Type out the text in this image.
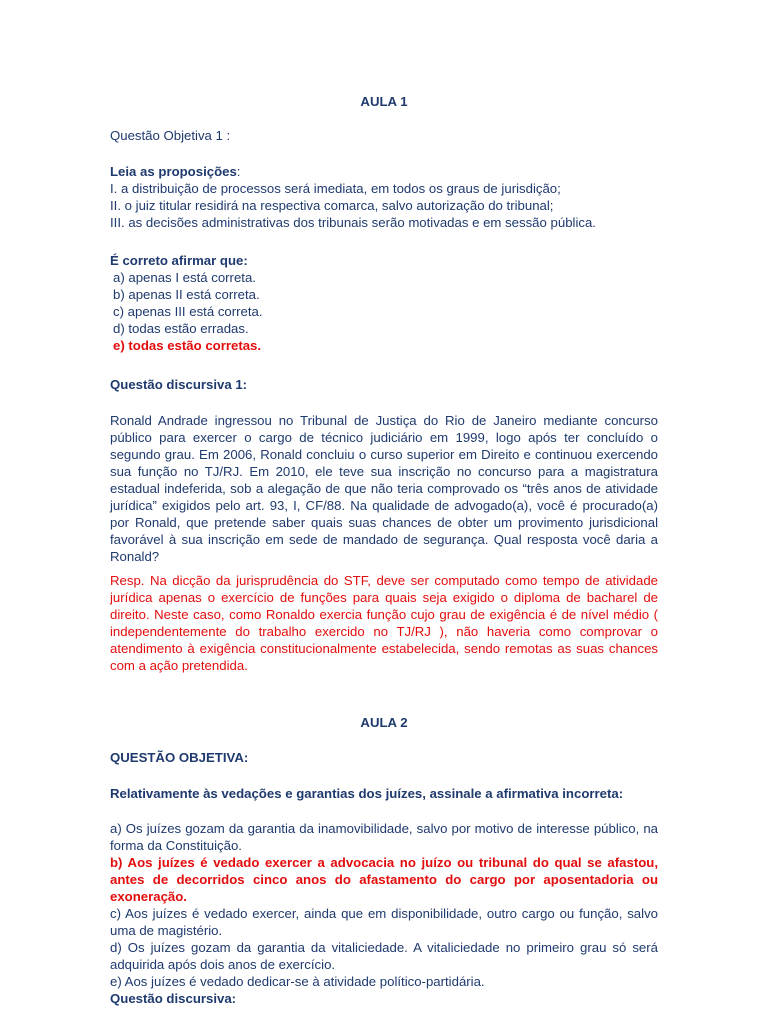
AULA 1

Questão Objetiva 1 :

Leia as proposições:

I. a distribuição de processos será imediata, em todos os graus de jurisdição;

II. o juiz titular residirá na respectiva comarca, salvo autorização do tribunal;

III. as decisões administrativas dos tribunais serão motivadas e em sessão pública.

É correto afirmar que:

a) apenas I está correta.

b) apenas II está correta.

c) apenas III está correta.

d) todas estão erradas.

e) todas estão corretas.

Questão discursiva 1:

Ronald Andrade ingressou no Tribunal de Justiça do Rio de Janeiro mediante concurso público para exercer o cargo de técnico judiciário em 1999, logo após ter concluído o segundo grau. Em 2006, Ronald concluiu o curso superior em Direito e continuou exercendo sua função no TJ/RJ. Em 2010, ele teve sua inscrição no concurso para a magistratura estadual indeferida, sob a alegação de que não teria comprovado os “três anos de atividade jurídica” exigidos pelo art. 93, I, CF/88. Na qualidade de advogado(a), você é procurado(a) por Ronald, que pretende saber quais suas chances de obter um provimento jurisdicional favorável à sua inscrição em sede de mandado de segurança. Qual resposta você daria a Ronald?

Resp. Na dicção da jurisprudência do STF, deve ser computado como tempo de atividade jurídica apenas o exercício de funções para quais seja exigido o diploma de bacharel de direito. Neste caso, como Ronaldo exercia função cujo grau de exigência é de nível médio ( independentemente do trabalho exercido no TJ/RJ ), não haveria como comprovar o atendimento à exigência constitucionalmente estabelecida, sendo remotas as suas chances com a ação pretendida.

AULA 2

QUESTÃO OBJETIVA:

Relativamente às vedações e garantias dos juízes, assinale a afirmativa incorreta:

a) Os juízes gozam da garantia da inamovibilidade, salvo por motivo de interesse público, na forma da Constituição.

b) Aos juízes é vedado exercer a advocacia no juízo ou tribunal do qual se afastou, antes de decorridos cinco anos do afastamento do cargo por aposentadoria ou exoneração.

c) Aos juízes é vedado exercer, ainda que em disponibilidade, outro cargo ou função, salvo uma de magistério.

d) Os juízes gozam da garantia da vitaliciedade. A vitaliciedade no primeiro grau só será adquirida após dois anos de exercício.

e) Aos juízes é vedado dedicar-se à atividade político-partidária.

Questão discursiva:
